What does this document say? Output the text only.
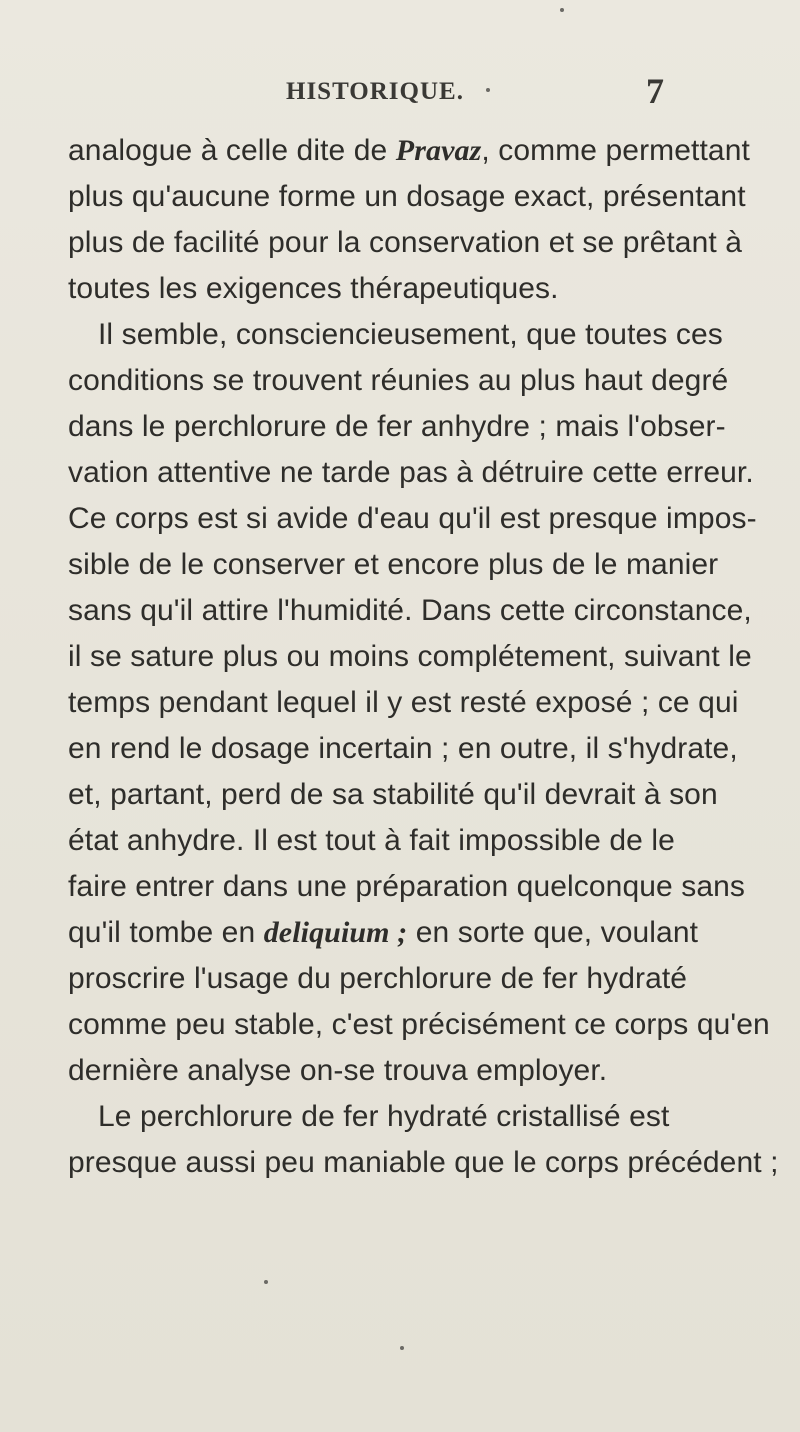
HISTORIQUE.	7
analogue à celle dite de Pravaz, comme permettant
plus qu'aucune forme un dosage exact, présentant
plus de facilité pour la conservation et se prêtant à
toutes les exigences thérapeutiques.
Il semble, consciencieusement, que toutes ces
conditions se trouvent réunies au plus haut degré
dans le perchlorure de fer anhydre ; mais l'obser-
vation attentive ne tarde pas à détruire cette erreur.
Ce corps est si avide d'eau qu'il est presque impos-
sible de le conserver et encore plus de le manier
sans qu'il attire l'humidité. Dans cette circonstance,
il se sature plus ou moins complétement, suivant le
temps pendant lequel il y est resté exposé ; ce qui
en rend le dosage incertain ; en outre, il s'hydrate,
et, partant, perd de sa stabilité qu'il devrait à son
état anhydre. Il est tout à fait impossible de le
faire entrer dans une préparation quelconque sans
qu'il tombe en deliquium ; en sorte que, voulant
proscrire l'usage du perchlorure de fer hydraté
comme peu stable, c'est précisément ce corps qu'en
dernière analyse on-se trouva employer.
Le perchlorure de fer hydraté cristallisé est
presque aussi peu maniable que le corps précédent ;
